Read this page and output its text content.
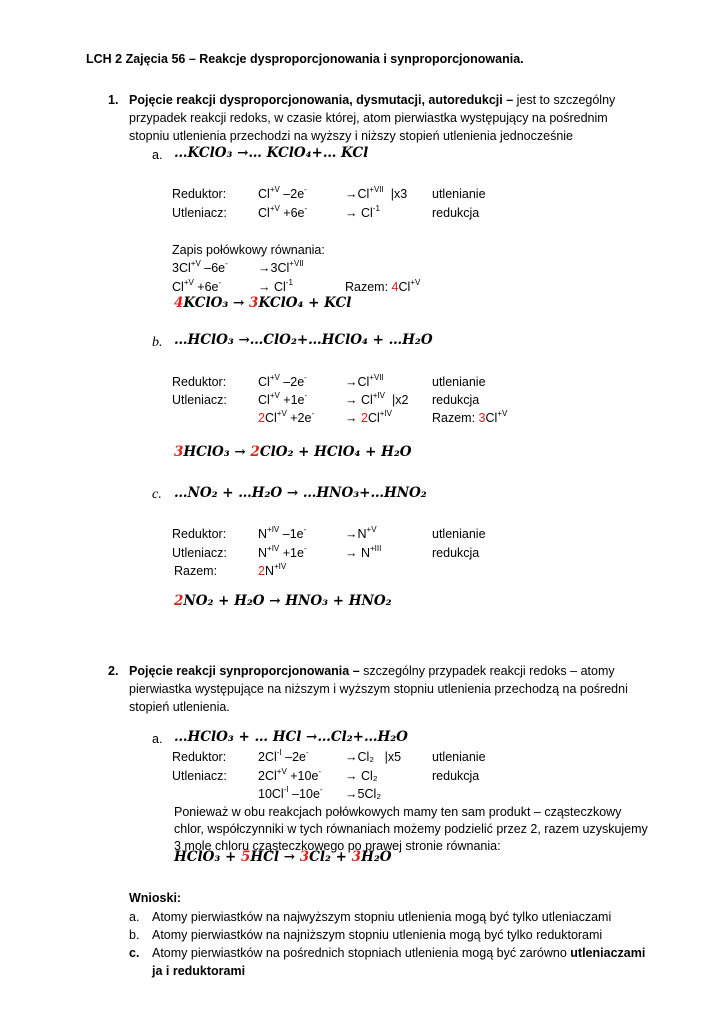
LCH 2 Zajęcia 56 – Reakcje dysproporcjonowania i synproporcjonowania.
1. Pojęcie reakcji dysproporcjonowania, dysmutacji, autoredukcji – jest to szczególny
przypadek reakcji redoks, w czasie której, atom pierwiastka występujący na pośrednim
stopniu utlenienia przechodzi na wyższy i niższy stopień utlenienia jednocześnie
a. …KClO₃ →… KClO₄+… KCl
Reduktor:	$Cl^{+V}$ –2e-	$\to Cl^{+VII}$ |x3 utlenianie
Utleniacz: $Cl^{+V} +6e^-$	→ $Cl^{-1}$	redukcja
Zapis połówkowy równania:
$3Cl^{+V}$ $-6e^- \to 3Cl^{+VII}$
$Cl^{+V} +6e^-$	→ $Cl^{-1}$	Razem: $4Cl^{+V}$
4KClO₃ → 3KClO₄ + KCl
b. …HClO₃ →…ClO₂+…HClO₄ + …H₂O
Reduktor:	$Cl^{+V}$ –2e-	$\to Cl^{+VII}$	utlenianie
Utleniacz: $Cl^{+V} +1e^-$	→ $Cl^{+IV}$ |x2 redukcja
$2Cl^{+V} +2e^- \to 2Cl^{+IV}$	Razem: $3Cl^{+V}$
3HClO₃ → 2ClO₂ + HClO₄ + H₂O
c. …NO₂ + …H₂O → …HNO₃+…HNO₂
Reduktor:	$N^{+IV}$ –1e-	$\to N^{+V}$	utlenianie
Utleniacz: $N^{+IV} +1e^-$	→ $N^{+III}$	redukcja
Razem:	$2N^{+IV}$
2NO₂ + H₂O → HNO₃ + HNO₂
2. Pojęcie reakcji synproporcjonowania – szczególny przypadek reakcji redoks – atomy
pierwiastka występujące na niższym i wyższym stopniu utlenienia przechodzą na pośredni
stopień utlenienia.
a. …HClO₃ + … HCl →…Cl₂+…H₂O
Reduktor:	$2Cl^{-I}$ –2e-	→Cl₂ |x5 utlenianie
Utleniacz: $2Cl^{+V} +10e^- \to Cl_2$	redukcja
$10Cl^{-I}$ –10e- →5Cl₂
Ponieważ w obu reakcjach połówkowych mamy ten sam produkt – cząsteczkowy
chlor, współczynniki w tych równaniach możemy podzielić przez 2, razem uzyskujemy
3 mole chloru cząsteczkowego po prawej stronie równania:
HClO₃ + 5HCl → 3Cl₂ + 3H₂O
Wnioski:
a. Atomy pierwiastków na najwyższym stopniu utlenienia mogą być tylko utleniaczami
b. Atomy pierwiastków na najniższym stopniu utlenienia mogą być tylko reduktorami
c. Atomy pierwiastków na pośrednich stopniach utlenienia mogą być zarówno utleniaczami
ja i reduktorami
